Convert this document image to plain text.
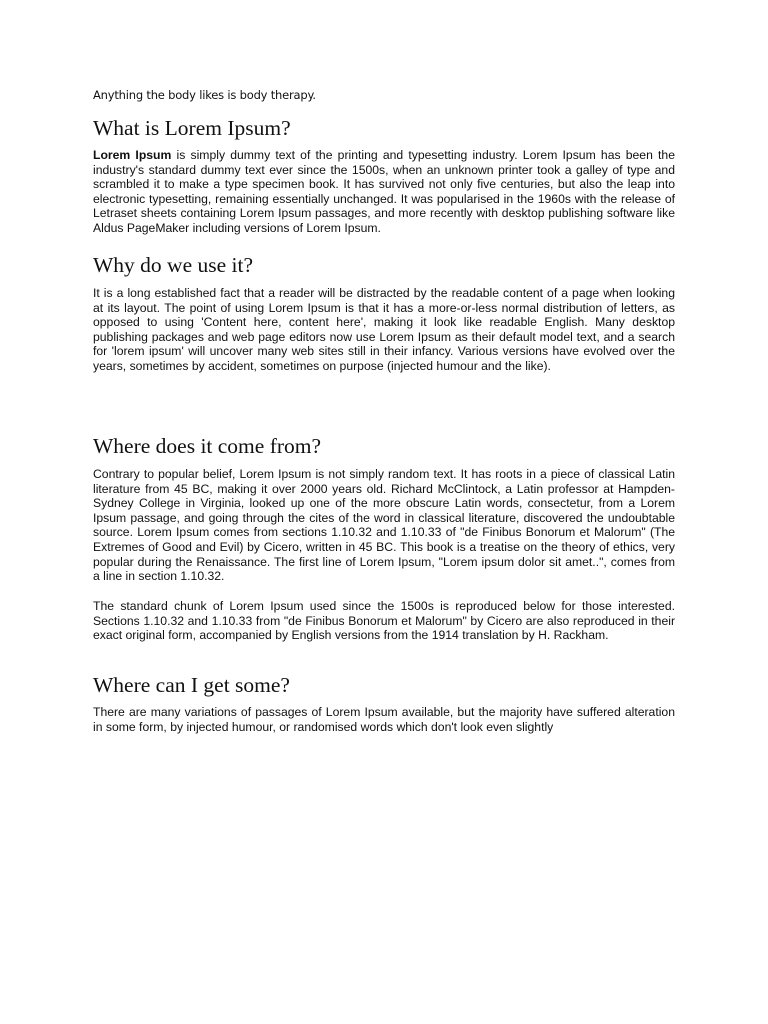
Anything the body likes is body therapy.
What is Lorem Ipsum?

Lorem Ipsum is simply dummy text of the printing and typesetting industry. Lorem Ipsum has been the industry's standard dummy text ever since the 1500s, when an unknown printer took a galley of type and scrambled it to make a type specimen book. It has survived not only five centuries, but also the leap into electronic typesetting, remaining essentially unchanged. It was popularised in the 1960s with the release of Letraset sheets containing Lorem Ipsum passages, and more recently with desktop publishing software like Aldus PageMaker including versions of Lorem Ipsum.

Why do we use it?

It is a long established fact that a reader will be distracted by the readable content of a page when looking at its layout. The point of using Lorem Ipsum is that it has a more-or-less normal distribution of letters, as opposed to using 'Content here, content here', making it look like readable English. Many desktop publishing packages and web page editors now use Lorem Ipsum as their default model text, and a search for 'lorem ipsum' will uncover many web sites still in their infancy. Various versions have evolved over the years, sometimes by accident, sometimes on purpose (injected humour and the like).

Where does it come from?

Contrary to popular belief, Lorem Ipsum is not simply random text. It has roots in a piece of classical Latin literature from 45 BC, making it over 2000 years old. Richard McClintock, a Latin professor at Hampden-Sydney College in Virginia, looked up one of the more obscure Latin words, consectetur, from a Lorem Ipsum passage, and going through the cites of the word in classical literature, discovered the undoubtable source. Lorem Ipsum comes from sections 1.10.32 and 1.10.33 of "de Finibus Bonorum et Malorum" (The Extremes of Good and Evil) by Cicero, written in 45 BC. This book is a treatise on the theory of ethics, very popular during the Renaissance. The first line of Lorem Ipsum, "Lorem ipsum dolor sit amet..", comes from a line in section 1.10.32.

The standard chunk of Lorem Ipsum used since the 1500s is reproduced below for those interested. Sections 1.10.32 and 1.10.33 from "de Finibus Bonorum et Malorum" by Cicero are also reproduced in their exact original form, accompanied by English versions from the 1914 translation by H. Rackham.

Where can I get some?

There are many variations of passages of Lorem Ipsum available, but the majority have suffered alteration in some form, by injected humour, or randomised words which don't look even slightly
